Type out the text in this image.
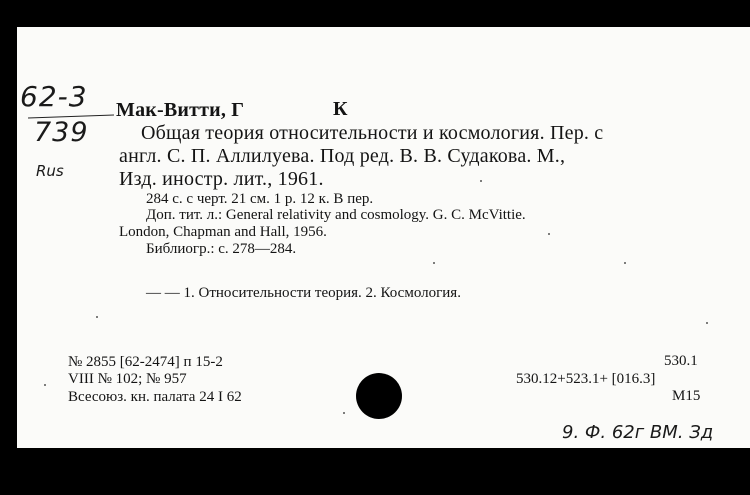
62-3
739
Rus
Мак-Витти, Г	К
Общая теория относительности и космология. Пер. с
англ. С. П. Аллилуева. Под ред. В. В. Судакова. М.,
Изд. иностр. лит., 1961.
284 с. с черт. 21 см. 1 р. 12 к. В пер.
Доп. тит. л.: General relativity and cosmology. G. C. McVittie.
London, Chapman and Hall, 1956.
Библиогр.: с. 278—284.
— — 1. Относительности теория. 2. Космология.
№ 2855 [62-2474] п 15-2
VIII № 102; № 957
Всесоюз. кн. палата 24 I 62
530.1
530.12+523.1+ [016.3]
М15
9. Ф. 62г ВМ. Зд
